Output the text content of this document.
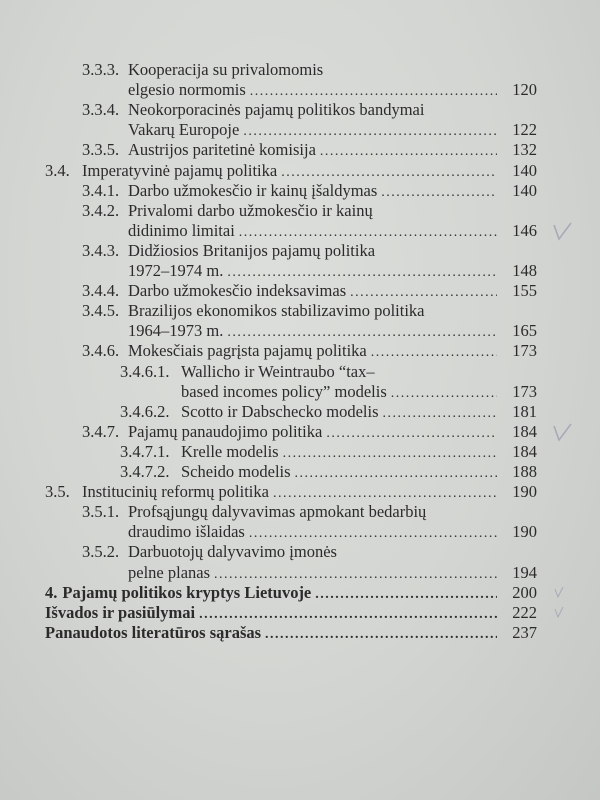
3.3.3. Kooperacija su privalomomis
elgesio normomis . . .	120
3.3.4. Neokorporacinės pajamų politikos bandymai
Vakarų Europoje . . .	122
3.3.5. Austrijos paritetinė komisija . . .	132
3.4. Imperatyvinė pajamų politika . . .	140
3.4.1. Darbo užmokesčio ir kainų įšaldymas . . .	140
3.4.2. Privalomi darbo užmokesčio ir kainų
didinimo limitai . . .	146
3.4.3. Didžiosios Britanijos pajamų politika
1972–1974 m. . . .	148
3.4.4. Darbo užmokesčio indeksavimas . . .	155
3.4.5. Brazilijos ekonomikos stabilizavimo politika
1964–1973 m. . . .	165
3.4.6. Mokesčiais pagrįsta pajamų politika . . .	173
3.4.6.1. Wallicho ir Weintraubo “tax–
based incomes policy” modelis . . .	173
3.4.6.2. Scotto ir Dabschecko modelis . . .	181
3.4.7. Pajamų panaudojimo politika . . .	184
3.4.7.1. Krelle modelis . . .	184
3.4.7.2. Scheido modelis . . .	188
3.5. Institucinių reformų politika . . .	190
3.5.1. Profsąjungų dalyvavimas apmokant bedarbių
draudimo išlaidas . . .	190
3.5.2. Darbuotojų dalyvavimo įmonės
pelne planas . . .	194
4. Pajamų politikos kryptys Lietuvoje . . .	200
Išvados ir pasiūlymai . . .	222
Panaudotos literatūros sąrašas . . .	237
